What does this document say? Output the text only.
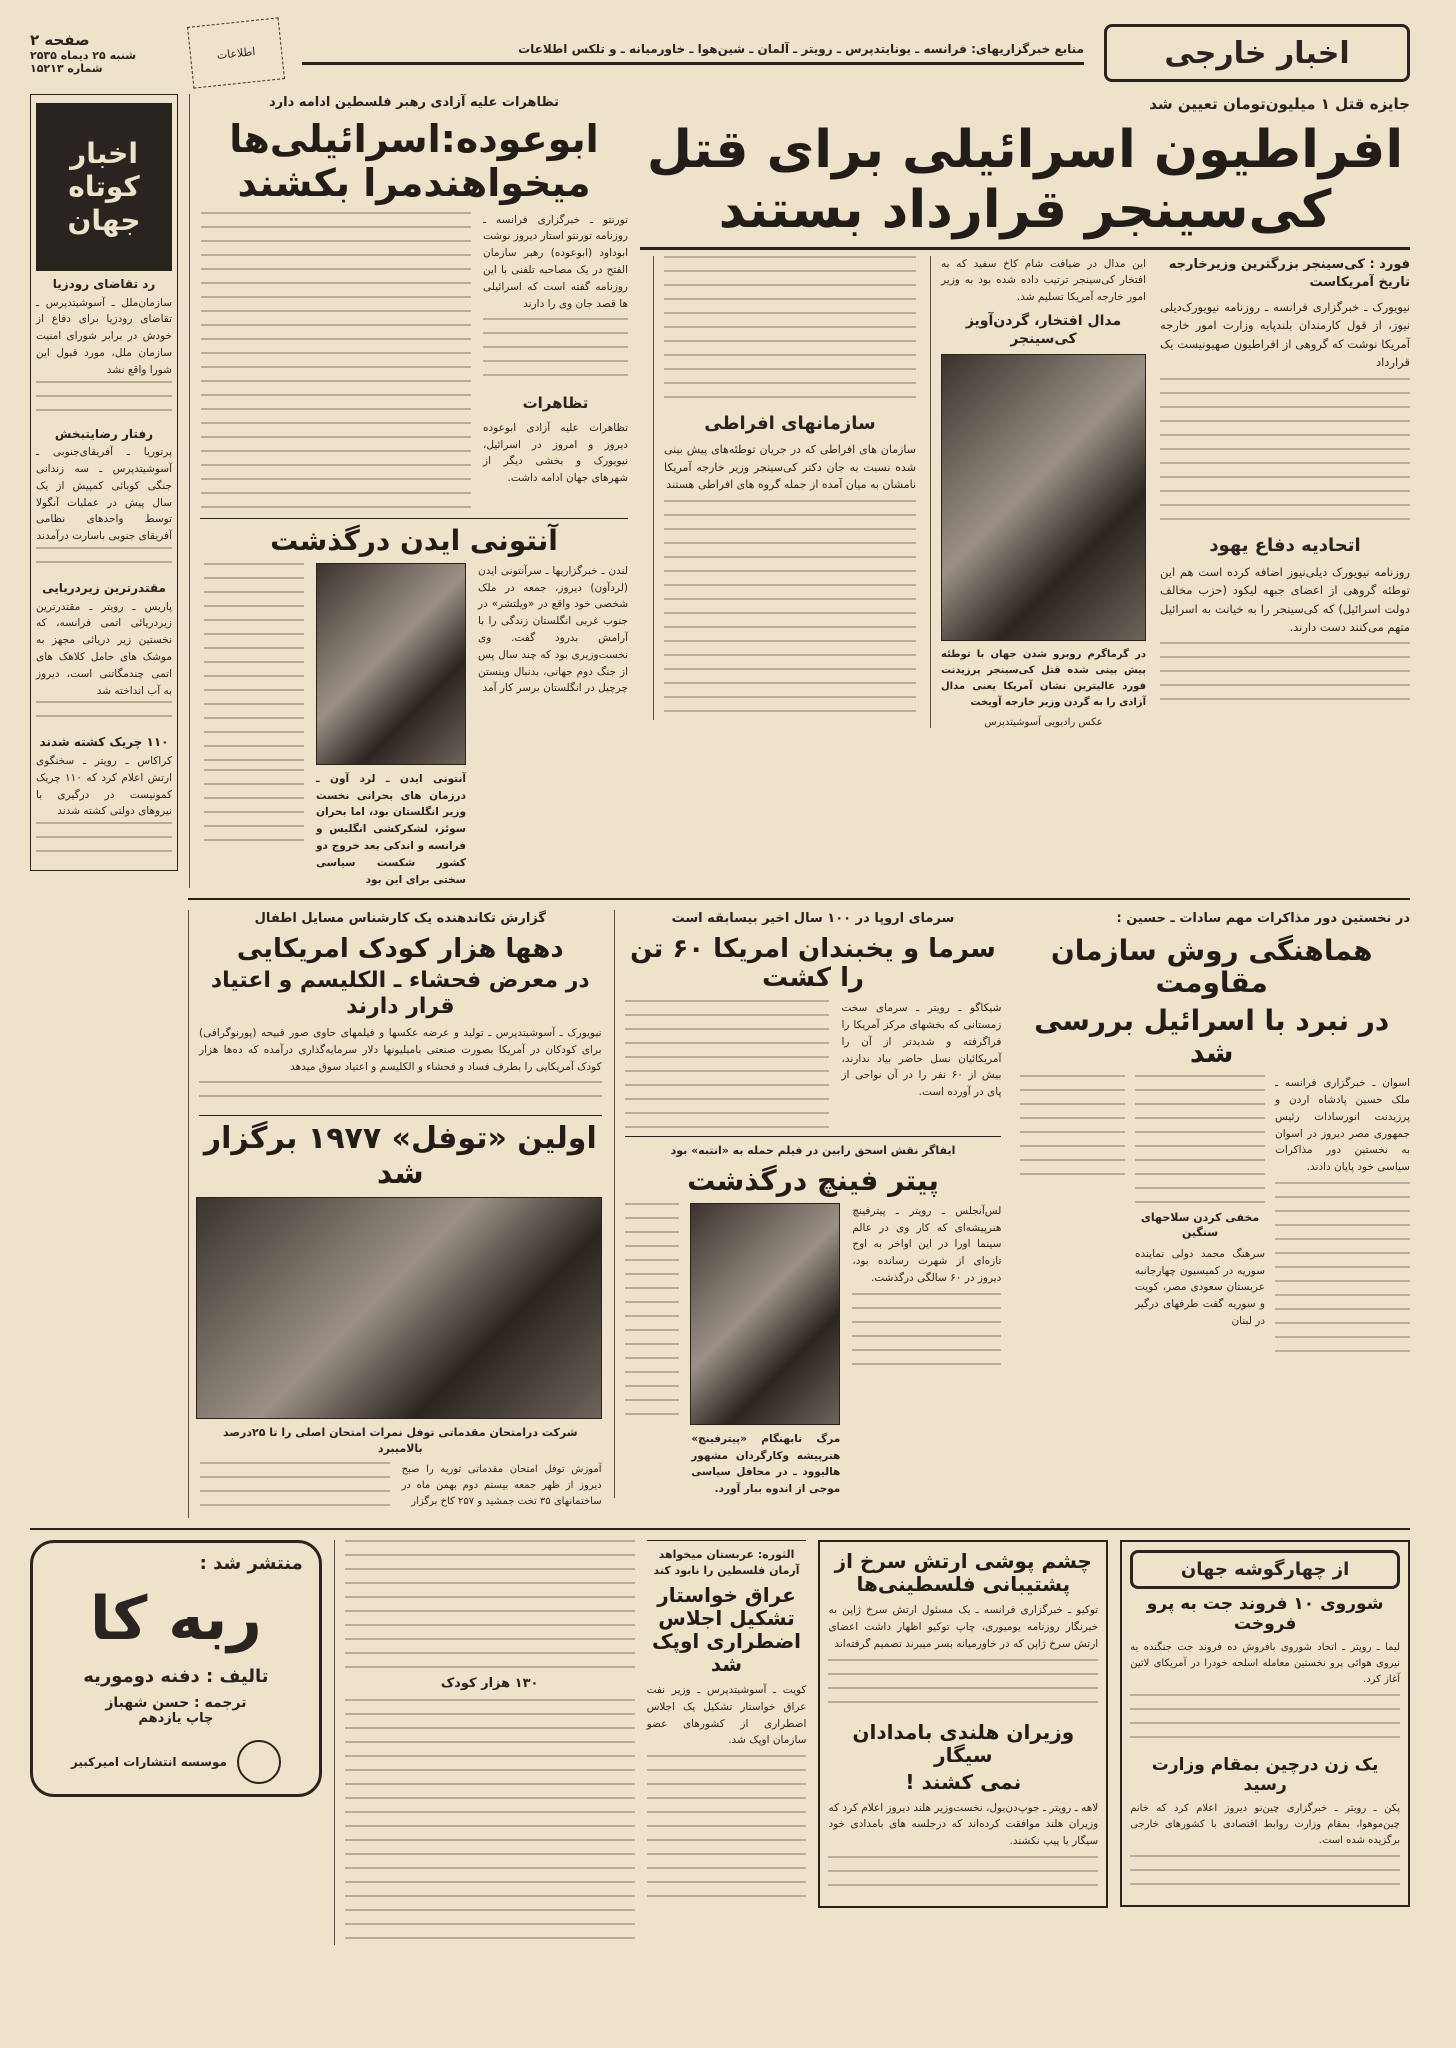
اخبار خارجی
منابع خبرگزاریهای: فرانسه ـ یونایتدپرس ـ رویتر ـ آلمان ـ شین‌هوا ـ خاورمیانه ـ و تلکس اطلاعات
اطلاعات
صفحه ۲
شنبه ۲۵ دیماه ۲۵۳۵
شماره ۱۵۲۱۳
جایزه قتل ۱ میلیون‌تومان تعیین شد
افراطیون اسرائیلی برای قتل
کی‌سینجر قرارداد بستند
فورد : کی‌سینجر بزرگترین وزیرخارجه تاریخ آمریکاست
نیویورک ـ خبرگزاری فرانسه ـ روزنامه نیویورک‌دیلی نیوز، از قول کارمندان بلندپایه وزارت امور خارجه آمریکا نوشت که گروهی از افراطیون صهیونیست یک قرارداد
اتحادیه دفاع یهود
روزنامه نیویورک دیلی‌نیوز اضافه کرده است هم این توطئه گروهی از اعضای جبهه لیکود (حزب مخالف دولت اسرائیل) که کی‌سینجر را به خیانت به اسرائیل متهم می‌کنند دست دارند.
این مدال در ضیافت شام کاخ سفید که به افتخار کی‌سینجر ترتیب داده شده بود به وزیر امور خارجه آمریکا تسلیم شد.
مدال افتخار، گردن‌آویز کی‌سینجر
در گرماگرم روبرو شدن جهان با توطئه پیش بینی شده قتل کی‌سینجر پرزیدنت فورد عالیترین نشان آمریکا یعنی مدال آزادی را به گردن وزیر خارجه آویخت
عکس رادیویی آسوشیتدپرس
سازمانهای افراطی
سازمان های افراطی که در جریان توطئه‌های پیش بینی شده نسبت به جان دکتر کی‌سینجر وزیر خارجه آمریکا نامشان به میان آمده از جمله گروه های افراطی هستند
تظاهرات علیه آزادی رهبر فلسطین ادامه دارد
ابوعوده:اسرائیلی‌ها
میخواهندمرا بکشند
تورنتو ـ خبرگزاری فرانسه ـ روزنامه تورنتو استار دیروز نوشت ابوداود (ابوعوده) رهبر سازمان الفتح در یک مصاحبه تلفنی با این روزنامه گفته است که اسرائیلی ها قصد جان وی را دارند
تظاهرات
تظاهرات علیه آزادی ابوعوده دیروز و امروز در اسرائیل، نیویورک و بخشی دیگر از شهرهای جهان ادامه داشت.
آنتونی ایدن درگذشت
لندن ـ خبرگزاریها ـ سرآنتونی ایدن (لردآون) دیروز، جمعه در ملک شخصی خود واقع در «ویلتشر» در جنوب غربی انگلستان زندگی را با آرامش بدرود گفت. وی نخست‌وزیری بود که چند سال پس از جنگ دوم جهانی، بدنبال وینستن چرچیل در انگلستان برسر کار آمد
آنتونی ایدن ـ لرد آون ـ درزمان های بحرانی نخست وزیر انگلستان بود، اما بحران سوئز، لشکرکشی انگلیس و فرانسه و اندکی بعد خروج دو کشور شکست سیاسی سختی برای این بود
در نخستین دور مذاکرات مهم سادات ـ حسین :
هماهنگی روش سازمان مقاومت
در نبرد با اسرائیل بررسی شد
اسوان ـ خبرگزاری فرانسه ـ ملک حسین پادشاه اردن و پرزیدنت انورسادات رئیس جمهوری مصر دیروز در اسوان به نخستین دور مذاکرات سیاسی خود پایان دادند.
مخفی کردن سلاحهای سنگین
سرهنگ محمد دولی نماینده سوریه در کمیسیون چهارجانبه عربستان سعودی مصر، کویت و سوریه گفت طرفهای درگیر در لبنان
سرمای اروپا در ۱۰۰ سال اخیر بیسابقه است
سرما و یخبندان امریکا ۶۰ تن را کشت
شیکاگو ـ رویتر ـ سرمای سخت زمستانی که بخشهای مرکز آمریکا را فراگرفته و شدیدتر از آن را آمریکائیان نسل حاضر بیاد ندارند، بیش از ۶۰ نفر را در آن نواحی از پای در آورده است.
ایفاگر نقش اسحق رابین در فیلم حمله به «انتبه» بود
پیتر فینچ درگذشت
لس‌آنجلس ـ رویتر ـ پیترفینچ هنرپیشه‌ای که کار وی در عالم سینما اورا در این اواخر به اوج تازه‌ای از شهرت رسانده بود، دیروز در ۶۰ سالگی درگذشت.
مرگ نابهنگام «پیترفینچ» هنرپیشه وکارگردان مشهور هالیوود ـ در محافل سیاسی موجی از اندوه ببار آورد.
گزارش تکاندهنده یک کارشناس مسایل اطفال
دهها هزار کودک امریکایی
در معرض فحشاء ـ الکلیسم و اعتیاد قرار دارند
نیویورک ـ آسوشیتدپرس ـ تولید و عرضه عکسها و فیلمهای حاوی صور قبیحه (پورنوگرافی) برای کودکان در آمریکا بصورت صنعتی بامیلیونها دلار سرمایه‌گذاری درآمده که ده‌ها هزار کودک آمریکایی را بطرف فساد و فحشاء و الکلیسم و اعتیاد سوق میدهد
اولین «توفل» ۱۹۷۷ برگزار شد
شرکت درامتحان مقدماتی توفل نمرات امتحان اصلی را تا ۲۵درصد بالامیبرد
آموزش توفل امتحان مقدماتی توریه را صبح دیروز از ظهر جمعه بیستم دوم بهمن ماه در ساختمانهای ۳۵ تخت جمشید و ۲۵۷ کاخ برگزار
اخبار کوتاه جهان
رد تقاضای رودزیا
سازمان‌ملل ـ آسوشیتدپرس ـ تقاضای رودزیا برای دفاع از خودش در برابر شورای امنیت سازمان ملل، مورد قبول این شورا واقع نشد
رفتار رضایتبخش
پرتوریا ـ آفریقای‌جنوبی ـ آسوشیتدپرس ـ سه زندانی جنگی کوبائی کمپیش از یک سال پیش در عملیات آنگولا توسط واحدهای نظامی آفریقای جنوبی باسارت درآمدند
مقتدرترین زیردریایی
پاریس ـ رویتر ـ مقتدرترین زیردریائی اتمی فرانسه، که نخستین زیر دریائی مجهز به موشک های حامل کلاهک های اتمی چندمگاتنی است، دیروز به آب انداخته شد
۱۱۰ چریک کشته شدند
کراکاس ـ رویتر ـ سخنگوی ارتش اعلام کرد که ۱۱۰ چریک کمونیست در درگیری با نیروهای دولتی کشته شدند
از چهارگوشه جهان
شوروی ۱۰ فروند جت به پرو فروخت
لیما ـ رویتر ـ اتحاد شوروی بافروش ده فروند جت جنگنده به نیروی هوائی پرو نخستین معامله اسلحه خودرا در آمریکای لاتین آغاز کرد.
یک زن درچین بمقام وزارت رسید
پکن ـ رویتر ـ خبرگزاری چین‌نو دیروز اعلام کرد که خانم چین‌موهوا، بمقام وزارت روابط اقتصادی با کشورهای خارجی برگزیده شده است.
چشم پوشی ارتش سرخ از پشتیبانی فلسطینی‌ها
توکیو ـ خبرگزاری فرانسه ـ یک مسئول ارتش سرخ ژاپن به خبرنگار روزنامه یومیوری، چاپ توکیو اظهار داشت اعضای ارتش سرخ ژاپن که در خاورمیانه بسر میبرند تصمیم گرفته‌اند
وزیران هلندی بامدادان سیگار
نمی کشند !
لاهه ـ رویتر ـ جوپ‌دن‌یول، نخست‌وزیر هلند دیروز اعلام کرد که وزیران هلند موافقت کرده‌اند که درجلسه های بامدادی خود سیگار یا پیپ نکشند.
الثوره: عربستان میخواهد آرمان فلسطین را نابود کند
عراق خواستار تشکیل اجلاس اضطراری اوپک شد
کویت ـ آسوشیتدپرس ـ وزیر نفت عراق خواستار تشکیل یک اجلاس اضطراری از کشورهای عضو سازمان اوپک شد.
۱۳۰ هزار کودک
منتشر شد :
ربه کا
تالیف : دفنه دوموریه
ترجمه : حسن شهباز
چاپ یازدهم
موسسه انتشارات امیرکبیر
